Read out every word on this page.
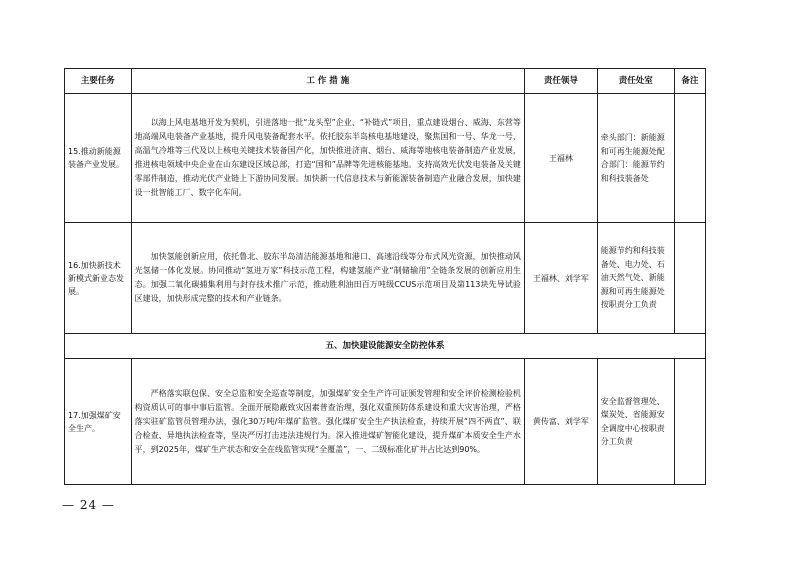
主要任务	工 作 措 施	责任领导	责任处室	备注
15.推动新能源装备产业发展。	以海上风电基地开发为契机，引进落地一批“龙头型”企业、“补链式”项目，重点建设烟台、威海、东营等地高端风电装备产业基地，提升风电装备配套水平。依托胶东半岛核电基地建设，聚焦国和一号、华龙一号、高温气冷堆等三代及以上核电关键技术装备国产化，加快推进济南、烟台、威海等地核电装备制造产业发展，推进核电领域中央企业在山东建设区域总部，打造“国和”品牌等先进核能基地。支持高效光伏发电装备及关键零部件制造，推动光伏产业链上下游协同发展。加快新一代信息技术与新能源装备制造产业融合发展，加快建设一批智能工厂、数字化车间。	王福林	牵头部门：新能源和可再生能源处配合部门：能源节约和科技装备处	
16.加快新技术新模式新业态发展。	加快氢能创新应用，依托鲁北、胶东半岛清洁能源基地和港口、高速沿线等分布式风光资源，加快推动风光氢储一体化发展。协同推动“氢进万家”科技示范工程，构建氢能产业“制储输用”全链条发展的创新应用生态。加强二氧化碳捕集利用与封存技术推广示范，推动胜利油田百万吨级CCUS示范项目及第113块先导试验区建设，加快形成完整的技术和产业链条。	王福林、刘学军	能源节约和科技装备处、电力处、石油天然气处、新能源和可再生能源处按职责分工负责	
五、加快建设能源安全防控体系				
17.加强煤矿安全生产。	严格落实联包保、安全总监和安全巡查等制度，加强煤矿安全生产许可证颁发管理和安全评价检测检验机构资质认可的事中事后监管。全面开展隐蔽致灾因素普查治理，强化双重预防体系建设和重大灾害治理，严格落实驻矿监管员管理办法，强化30万吨/年煤矿监管。强化煤矿安全生产执法检查，持续开展“四不两直”、联合检查、异地执法检查等，坚决严厉打击违法违规行为。深入推进煤矿智能化建设，提升煤矿本质安全生产水平，到2025年，煤矿生产状态和安全在线监管实现“全覆盖”，一、二级标准化矿井占比达到90%。	黄传富、刘学军	安全监督管理处、煤炭处、省能源安全调度中心按职责分工负责	
— 24 —
